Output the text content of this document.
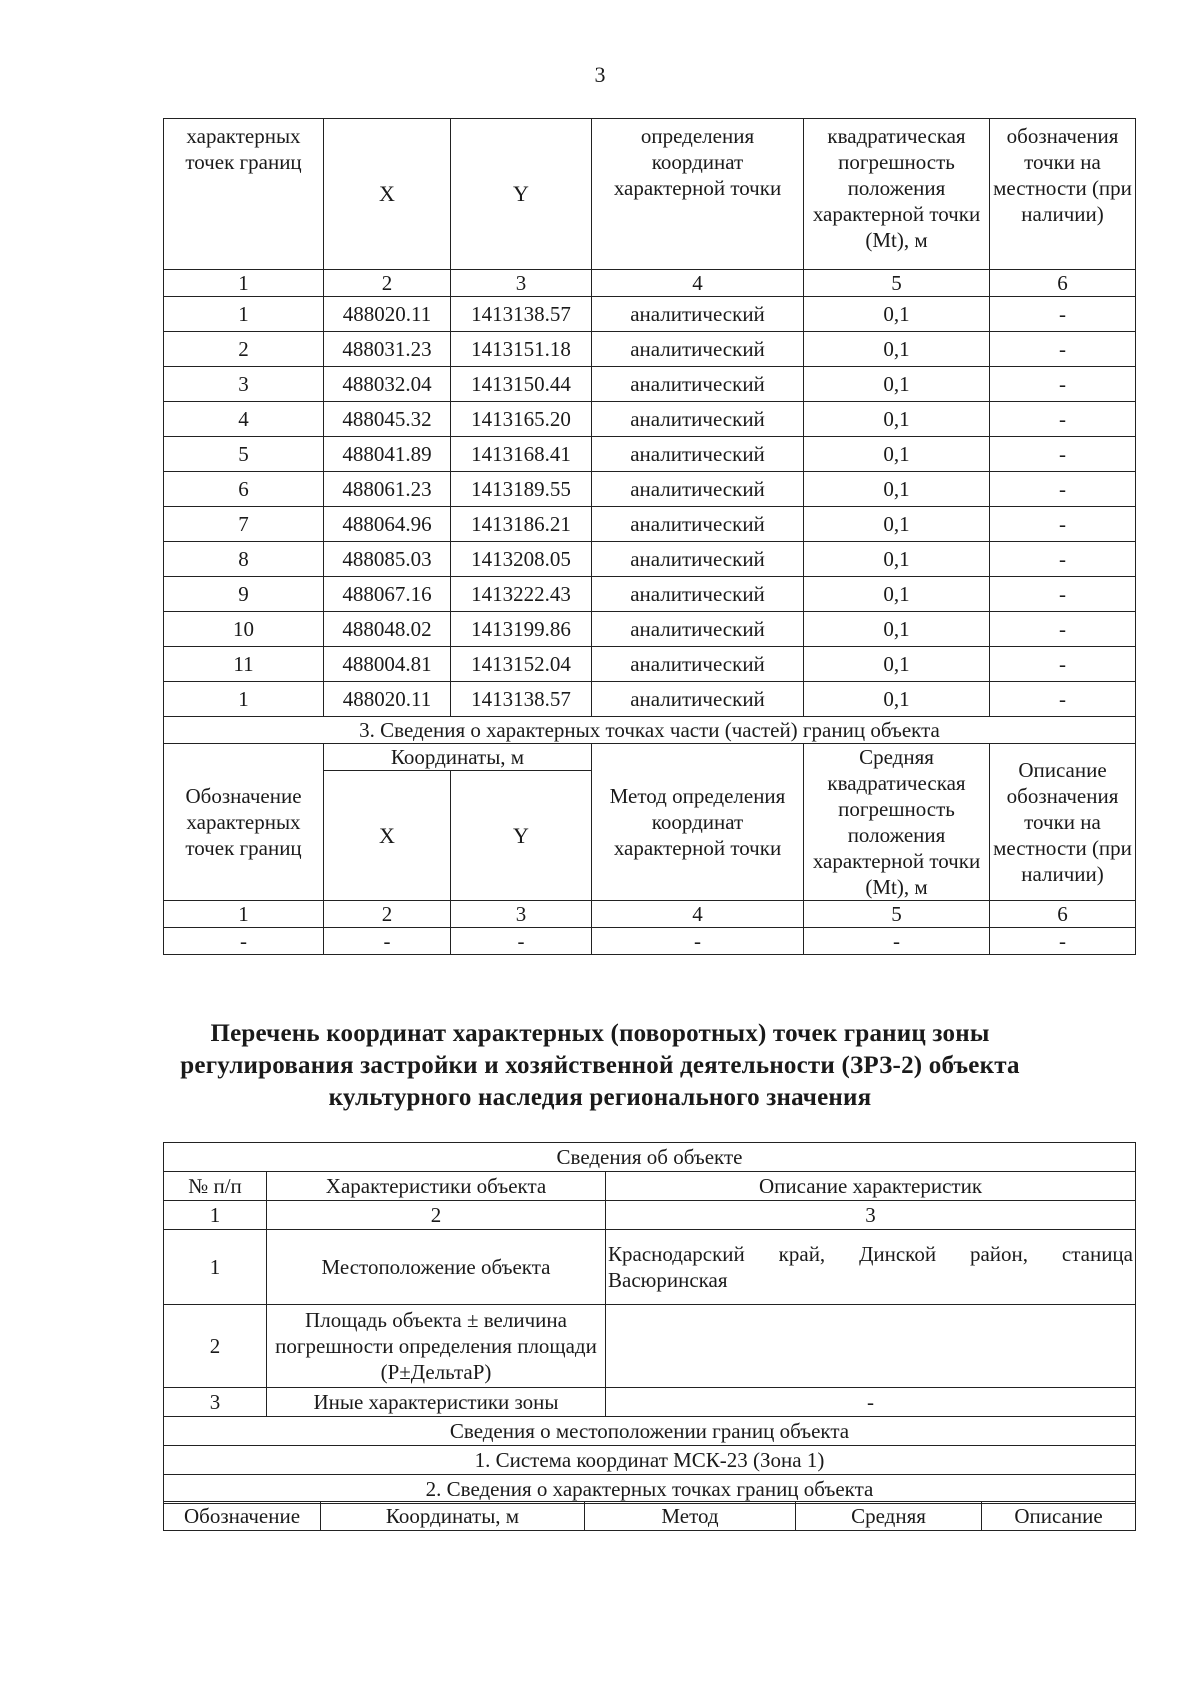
3
характерных точек границ	X	Y	определения координат характерной точки	квадратическая погрешность положения характерной точки (Mt), м	обозначения точки на местности (при наличии)
1	2	3	4	5	6
1	488020.11	1413138.57	аналитический	0,1	-
2	488031.23	1413151.18	аналитический	0,1	-
3	488032.04	1413150.44	аналитический	0,1	-
4	488045.32	1413165.20	аналитический	0,1	-
5	488041.89	1413168.41	аналитический	0,1	-
6	488061.23	1413189.55	аналитический	0,1	-
7	488064.96	1413186.21	аналитический	0,1	-
8	488085.03	1413208.05	аналитический	0,1	-
9	488067.16	1413222.43	аналитический	0,1	-
10	488048.02	1413199.86	аналитический	0,1	-
11	488004.81	1413152.04	аналитический	0,1	-
1	488020.11	1413138.57	аналитический	0,1	-
3. Сведения о характерных точках части (частей) границ объекта					
Обозначение характерных точек границ	Координаты, м		Метод определения координат характерной точки	Средняя квадратическая погрешность положения характерной точки (Mt), м	Описание обозначения точки на местности (при наличии)
	X	Y			
1	2	3	4	5	6
-	-	-	-	-	-
Перечень координат характерных (поворотных) точек границ зоны
регулирования застройки и хозяйственной деятельности (ЗРЗ-2) объекта
культурного наследия регионального значения
Сведения об объекте		
№ п/п	Характеристики объекта	Описание характеристик
1	2	3
1	Местоположение объекта	Краснодарский край, Динской район, станица Васюринская
2	Площадь объекта ± величина погрешности определения площади (Р±ДельтаР)	
3	Иные характеристики зоны	-
Сведения о местоположении границ объекта		
1. Система координат МСК-23 (Зона 1)		
2. Сведения о характерных точках границ объекта		
Обозначение	Координаты, м	Метод	Средняя	Описание
